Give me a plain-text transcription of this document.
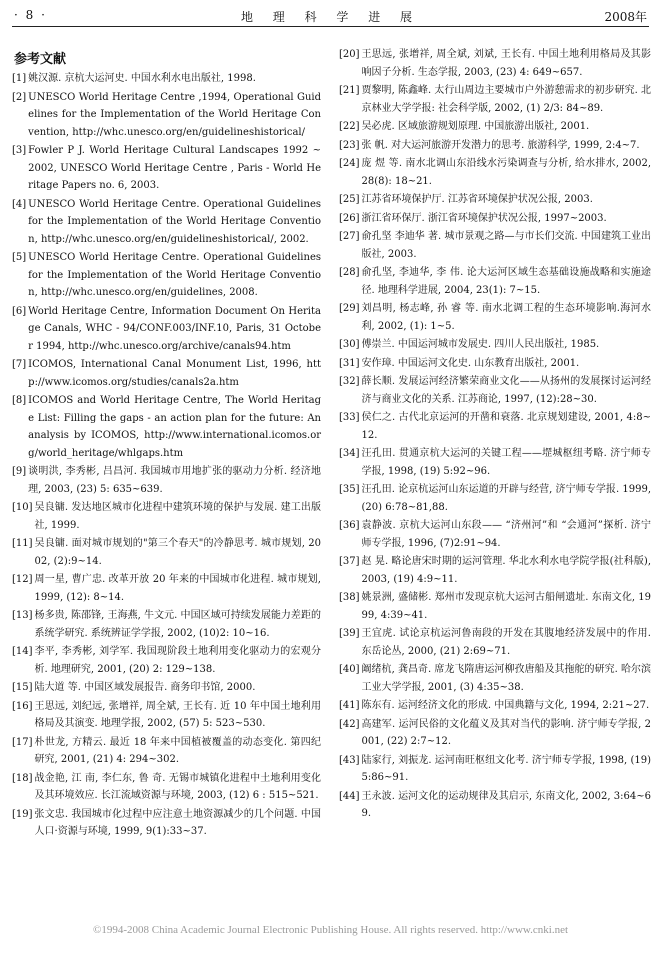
· 8 ·	地 理 科 学 进 展	2008年
参考文献
[1] 姚汉源. 京杭大运河史. 中国水利水电出版社, 1998.
[2] UNESCO World Heritage Centre ,1994, Operational Guidelines for the Implementation of the World Heritage Convention, http://whc.unesco.org/en/guidelineshistorical/
[3] Fowler P J. World Heritage Cultural Landscapes 1992 ~ 2002, UNESCO World Heritage Centre , Paris - World Heritage Papers no. 6, 2003.
[4] UNESCO World Heritage Centre. Operational Guidelines for the Implementation of the World Heritage Convention, http://whc.unesco.org/en/guidelineshistorical/, 2002.
[5] UNESCO World Heritage Centre. Operational Guidelines for the Implementation of the World Heritage Convention, http://whc.unesco.org/en/guidelines, 2008.
[6] World Heritage Centre, Information Document On Heritage Canals, WHC - 94/CONF.003/INF.10, Paris, 31 October 1994, http://whc.unesco.org/archive/canals94.htm
[7] ICOMOS, International Canal Monument List, 1996, http://www.icomos.org/studies/canals2a.htm
[8] ICOMOS and World Heritage Centre, The World Heritage List: Filling the gaps - an action plan for the future: An analysis by ICOMOS, http://www.international.icomos.org/world_heritage/whlgaps.htm
[9] 谈明洪, 李秀彬, 吕昌河. 我国城市用地扩张的驱动力分析. 经济地理, 2003, (23) 5: 635~639.
[10] 吴良镛. 发达地区城市化进程中建筑环境的保护与发展. 建工出版社, 1999.
[11] 吴良镛. 面对城市规划的"第三个春天"的冷静思考. 城市规划, 2002, (2):9~14.
[12] 周一星, 曹广忠. 改革开放 20 年来的中国城市化进程. 城市规划, 1999, (12): 8~14.
[13] 杨多贵, 陈邵锋, 王海燕, 牛文元. 中国区域可持续发展能力差距的系统学研究. 系统辨证学学报, 2002, (10)2: 10~16.
[14] 李平, 李秀彬, 刘学军. 我国现阶段土地利用变化驱动力的宏观分析. 地理研究, 2001, (20) 2: 129~138.
[15] 陆大道 等. 中国区域发展报告. 商务印书馆, 2000.
[16] 王思远, 刘纪远, 张增祥, 周全斌, 王长有. 近 10 年中国土地利用格局及其演变. 地理学报, 2002, (57) 5: 523~530.
[17] 朴世龙, 方精云. 最近 18 年来中国植被覆盖的动态变化. 第四纪研究, 2001, (21) 4: 294~302.
[18] 战金艳, 江 南, 李仁东, 鲁 奇. 无锡市城镇化进程中土地利用变化及其环境效应. 长江流域资源与环境, 2003, (12) 6 : 515~521.
[19] 张文忠. 我国城市化过程中应注意土地资源减少的几个问题. 中国人口·资源与环境, 1999, 9(1):33~37.
[20] 王思远, 张增祥, 周全斌, 刘斌, 王长有. 中国土地利用格局及其影响因子分析. 生态学报, 2003, (23) 4: 649~657.
[21] 贾黎明, 陈鑫峰. 太行山周边主要城市户外游憩需求的初步研究. 北京林业大学学报: 社会科学版, 2002, (1) 2/3: 84~89.
[22] 吴必虎. 区域旅游规划原理. 中国旅游出版社, 2001.
[23] 张 帆. 对大运河旅游开发潜力的思考. 旅游科学, 1999, 2:4~7.
[24] 庞 煜 等. 南水北调山东沿线水污染调查与分析, 给水排水, 2002, 28(8): 18~21.
[25] 江苏省环境保护厅. 江苏省环境保护状况公报, 2003.
[26] 浙江省环保厅. 浙江省环境保护状况公报, 1997~2003.
[27] 俞孔坚 李迪华 著. 城市景观之路—与市长们交流. 中国建筑工业出版社, 2003.
[28] 俞孔坚, 李迪华, 李 伟. 论大运河区域生态基础设施战略和实施途径. 地理科学进展, 2004, 23(1): 7~15.
[29] 刘昌明, 杨志峰, 孙 睿 等. 南水北调工程的生态环境影响.海河水利, 2002, (1): 1~5.
[30] 傅崇兰. 中国运河城市发展史. 四川人民出版社, 1985.
[31] 安作璋. 中国运河文化史. 山东教育出版社, 2001.
[32] 薛长顺. 发展运河经济繁荣商业文化——从扬州的发展探讨运河经济与商业文化的关系. 江苏商论, 1997, (12):28~30.
[33] 侯仁之. 古代北京运河的开凿和衰落. 北京规划建设, 2001, 4:8~12.
[34] 汪孔田. 贯通京杭大运河的关键工程——堽城枢纽考略. 济宁师专学报, 1998, (19) 5:92~96.
[35] 汪孔田. 论京杭运河山东运道的开辟与经营, 济宁师专学报. 1999, (20) 6:78~81,88.
[36] 袁静波. 京杭大运河山东段—— “济州河”和 “会通河”探析. 济宁师专学报, 1996, (7)2:91~94.
[37] 赵 晃. 略论唐宋时期的运河管理. 华北水利水电学院学报(社科版), 2003, (19) 4:9~11.
[38] 姚景洲, 盛储彬. 郑州市发现京杭大运河古船闸遗址. 东南文化, 1999, 4:39~41.
[39] 王宜虎. 试论京杭运河鲁南段的开发在其腹地经济发展中的作用. 东岳论丛, 2000, (21) 2:69~71.
[40] 阚绪杭, 龚昌奇. 席龙飞隋唐运河柳孜唐船及其拖舵的研究. 哈尔滨工业大学学报, 2001, (3) 4:35~38.
[41] 陈东有. 运河经济文化的形成. 中国典籍与文化, 1994, 2:21~27.
[42] 高建军. 运河民俗的文化蕴义及其对当代的影响. 济宁师专学报, 2001, (22) 2:7~12.
[43] 陆家行, 刘振龙. 运河南旺枢纽文化考. 济宁师专学报, 1998, (19) 5:86~91.
[44] 王永波. 运河文化的运动规律及其启示, 东南文化, 2002, 3:64~69.
©1994-2008 China Academic Journal Electronic Publishing House. All rights reserved. http://www.cnki.net
